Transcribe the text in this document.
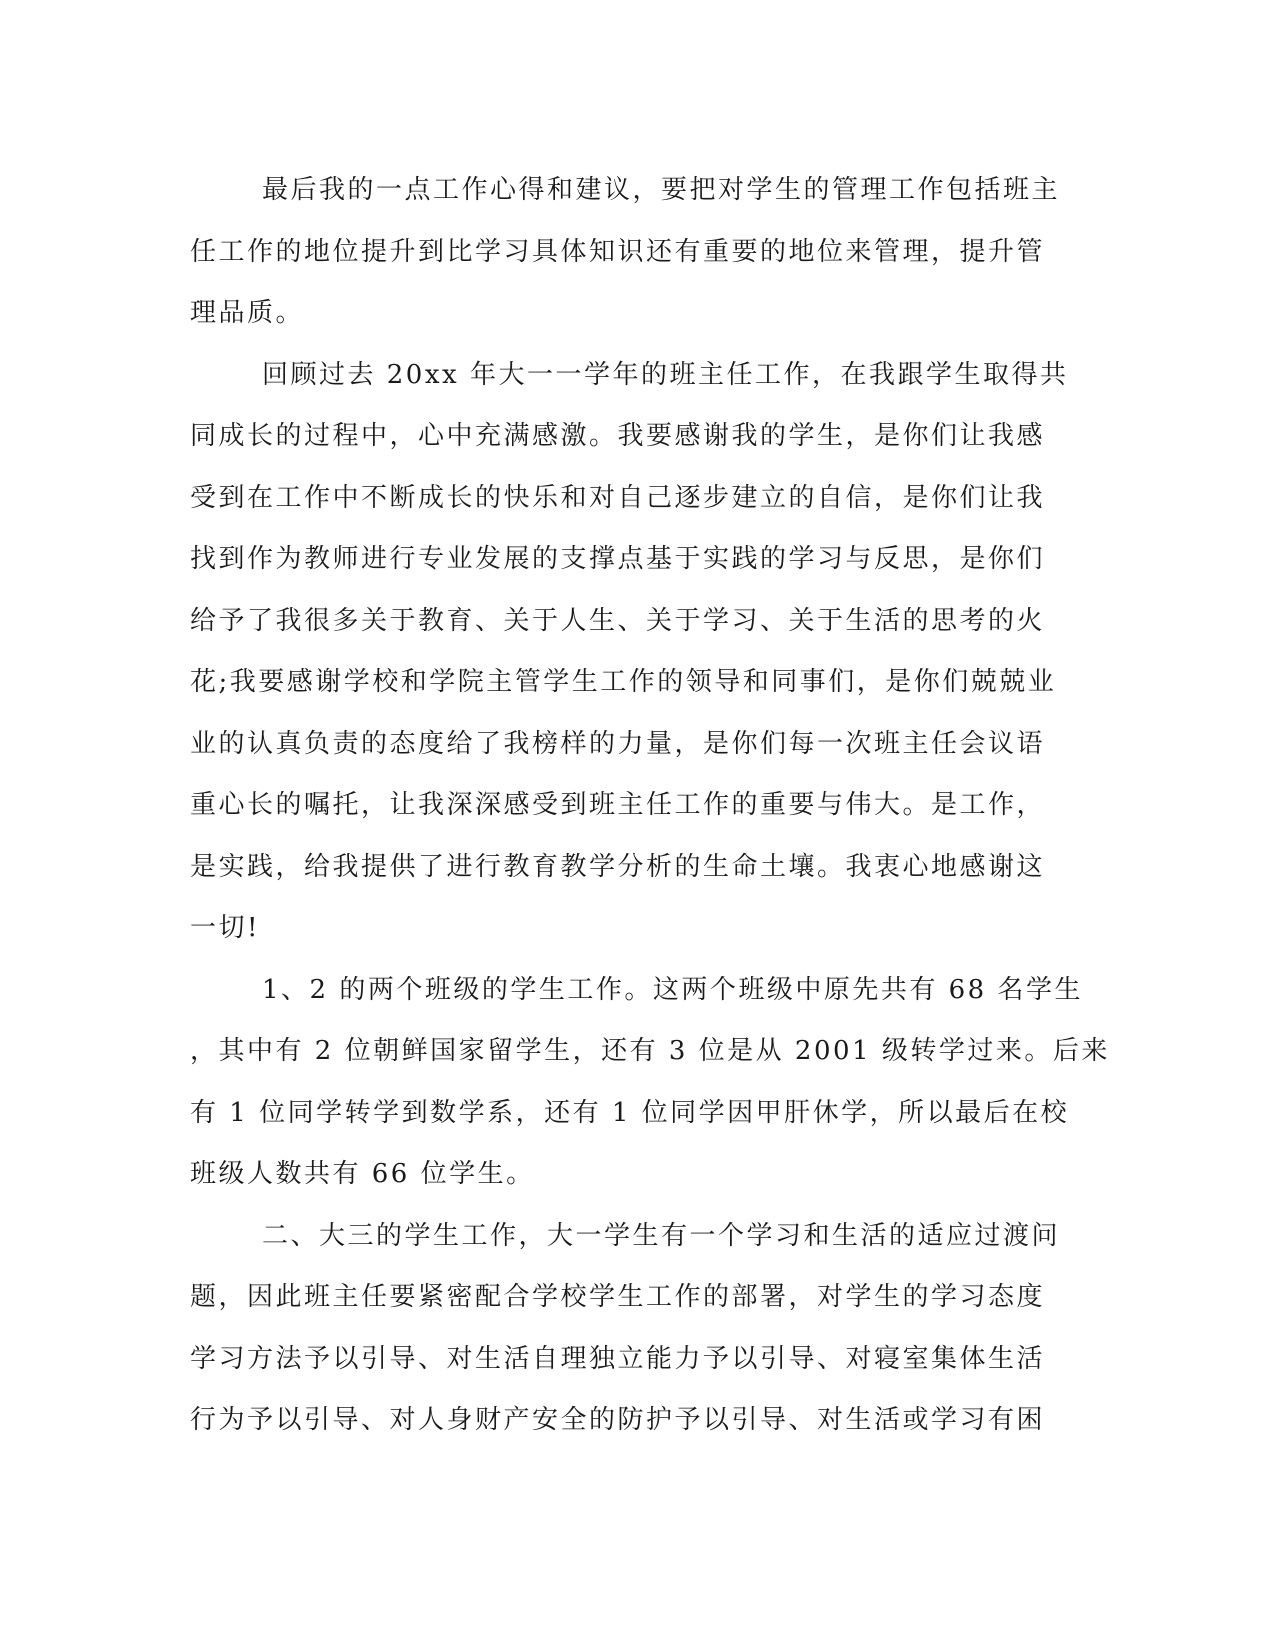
最后我的一点工作心得和建议，要把对学生的管理工作包括班主
任工作的地位提升到比学习具体知识还有重要的地位来管理，提升管
理品质。
回顾过去 20xx 年大一一学年的班主任工作，在我跟学生取得共
同成长的过程中，心中充满感激。我要感谢我的学生，是你们让我感
受到在工作中不断成长的快乐和对自己逐步建立的自信，是你们让我
找到作为教师进行专业发展的支撑点基于实践的学习与反思，是你们
给予了我很多关于教育、关于人生、关于学习、关于生活的思考的火
花;我要感谢学校和学院主管学生工作的领导和同事们，是你们兢兢业
业的认真负责的态度给了我榜样的力量，是你们每一次班主任会议语
重心长的嘱托，让我深深感受到班主任工作的重要与伟大。是工作，
是实践，给我提供了进行教育教学分析的生命土壤。我衷心地感谢这
一切!
1、2 的两个班级的学生工作。这两个班级中原先共有 68 名学生
，其中有 2 位朝鲜国家留学生，还有 3 位是从 2001 级转学过来。后来
有 1 位同学转学到数学系，还有 1 位同学因甲肝休学，所以最后在校
班级人数共有 66 位学生。
二、大三的学生工作，大一学生有一个学习和生活的适应过渡问
题，因此班主任要紧密配合学校学生工作的部署，对学生的学习态度
学习方法予以引导、对生活自理独立能力予以引导、对寝室集体生活
行为予以引导、对人身财产安全的防护予以引导、对生活或学习有困
